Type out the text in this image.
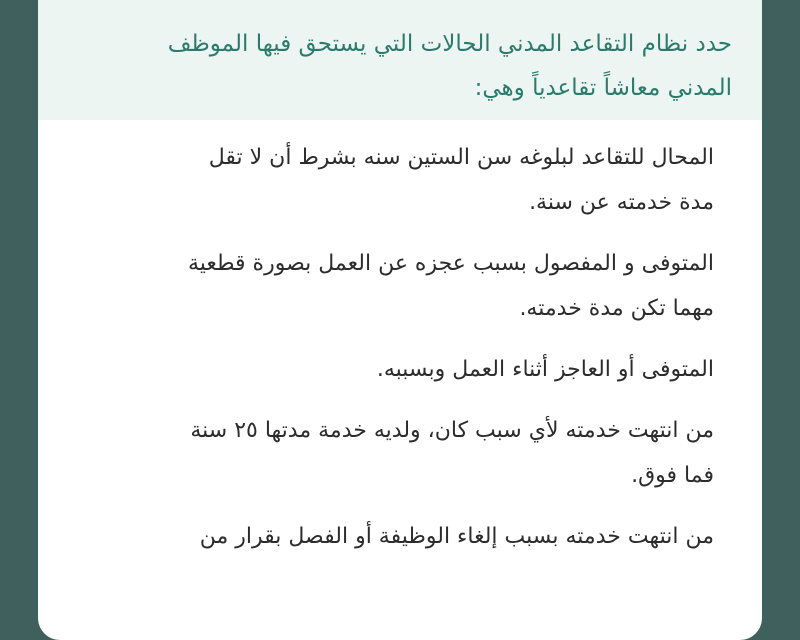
حدد نظام التقاعد المدني الحالات التي يستحق فيها الموظف
المدني معاشاً تقاعدياً وهي:

المحال للتقاعد لبلوغه سن الستين سنه بشرط أن لا تقل
مدة خدمته عن سنة.

المتوفى و المفصول بسبب عجزه عن العمل بصورة قطعية
مهما تكن مدة خدمته.

المتوفى أو العاجز أثناء العمل وبسببه.

من انتهت خدمته لأي سبب كان، ولديه خدمة مدتها ٢٥ سنة
فما فوق.

من انتهت خدمته بسبب إلغاء الوظيفة أو الفصل بقرار من
